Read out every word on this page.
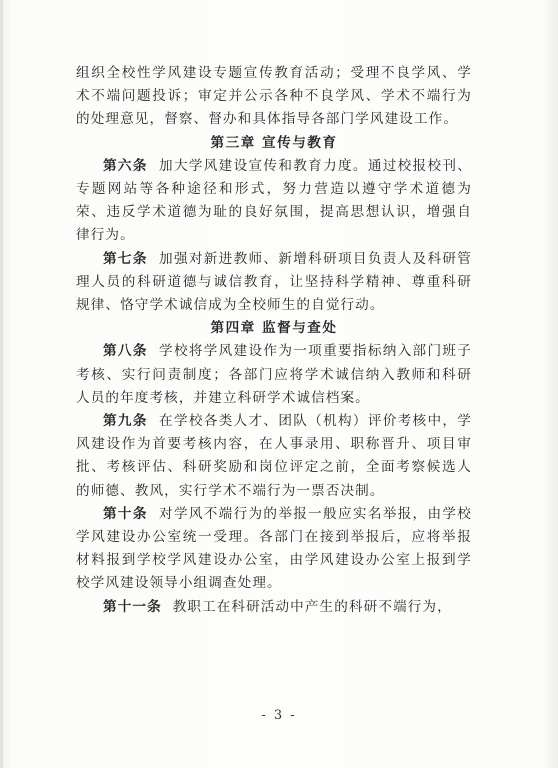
组织全校性学风建设专题宣传教育活动；受理不良学风、学术不端问题投诉；审定并公示各种不良学风、学术不端行为的处理意见，督察、督办和具体指导各部门学风建设工作。

第三章 宣传与教育

第六条 加大学风建设宣传和教育力度。通过校报校刊、专题网站等各种途径和形式，努力营造以遵守学术道德为荣、违反学术道德为耻的良好氛围，提高思想认识，增强自律行为。

第七条 加强对新进教师、新增科研项目负责人及科研管理人员的科研道德与诚信教育，让坚持科学精神、尊重科研规律、恪守学术诚信成为全校师生的自觉行动。

第四章 监督与查处

第八条 学校将学风建设作为一项重要指标纳入部门班子考核、实行问责制度；各部门应将学术诚信纳入教师和科研人员的年度考核，并建立科研学术诚信档案。

第九条 在学校各类人才、团队（机构）评价考核中，学风建设作为首要考核内容，在人事录用、职称晋升、项目审批、考核评估、科研奖励和岗位评定之前，全面考察候选人的师德、教风，实行学术不端行为一票否决制。

第十条 对学风不端行为的举报一般应实名举报，由学校学风建设办公室统一受理。各部门在接到举报后，应将举报材料报到学校学风建设办公室，由学风建设办公室上报到学校学风建设领导小组调查处理。

第十一条 教职工在科研活动中产生的科研不端行为，

- 3 -
